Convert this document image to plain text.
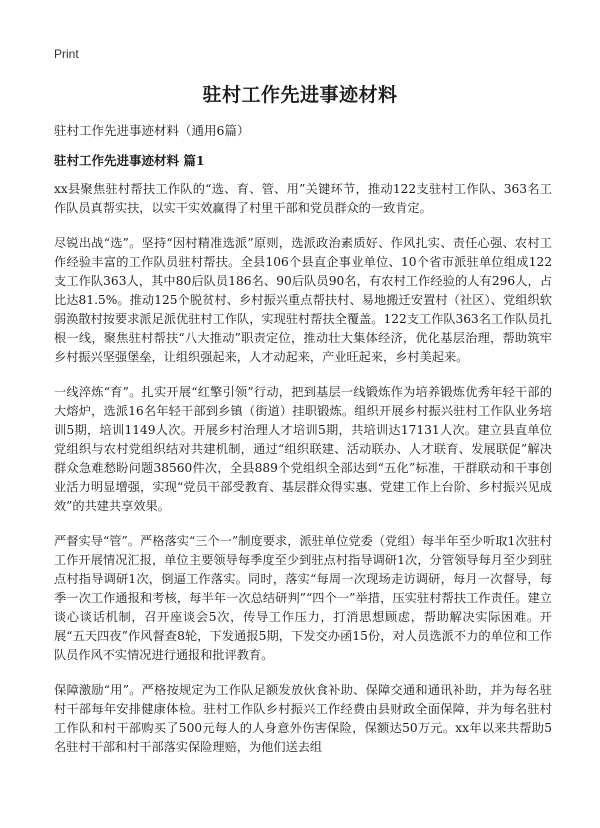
Print
驻村工作先进事迹材料

驻村工作先进事迹材料（通用6篇）

驻村工作先进事迹材料 篇1

xx县聚焦驻村帮扶工作队的“选、育、管、用”关键环节，推动122支驻村工作队、363名工作队员真帮实扶，以实干实效赢得了村里干部和党员群众的一致肯定。

尽锐出战“选”。坚持“因村精准选派”原则，选派政治素质好、作风扎实、责任心强、农村工作经验丰富的工作队员驻村帮扶。全县106个县直企事业单位、10个省市派驻单位组成122支工作队363人，其中80后队员186名、90后队员90名，有农村工作经验的人有296人，占比达81.5%。推动125个脱贫村、乡村振兴重点帮扶村、易地搬迁安置村（社区）、党组织软弱涣散村按要求派足派优驻村工作队，实现驻村帮扶全覆盖。122支工作队363名工作队员扎根一线，聚焦驻村帮扶“八大推动”职责定位，推动壮大集体经济，优化基层治理，帮助筑牢乡村振兴坚强堡垒，让组织强起来，人才动起来，产业旺起来，乡村美起来。

一线淬炼“育”。扎实开展“红擎引领”行动，把到基层一线锻炼作为培养锻炼优秀年轻干部的大熔炉，选派16名年轻干部到乡镇（街道）挂职锻炼。组织开展乡村振兴驻村工作队业务培训5期，培训1149人次。开展乡村治理人才培训5期，共培训达17131人次。建立县直单位党组织与农村党组织结对共建机制，通过“组织联建、活动联办、人才联育、发展联促”解决群众急难愁盼问题38560件次，全县889个党组织全部达到“五化”标准，干群联动和干事创业活力明显增强，实现“党员干部受教育、基层群众得实惠、党建工作上台阶、乡村振兴见成效”的共建共享效果。

严督实导“管”。严格落实“三个一”制度要求，派驻单位党委（党组）每半年至少听取1次驻村工作开展情况汇报，单位主要领导每季度至少到驻点村指导调研1次，分管领导每月至少到驻点村指导调研1次，倒逼工作落实。同时，落实“每周一次现场走访调研，每月一次督导，每季一次工作通报和考核，每半年一次总结研判”“四个一”举措，压实驻村帮扶工作责任。建立谈心谈话机制，召开座谈会5次，传导工作压力，打消思想顾虑，帮助解决实际困难。开展“五天四夜”作风督查8轮，下发通报5期，下发交办函15份，对人员选派不力的单位和工作队员作风不实情况进行通报和批评教育。

保障激励“用”。严格按规定为工作队足额发放伙食补助、保障交通和通讯补助，并为每名驻村干部每年安排健康体检。驻村工作队乡村振兴工作经费由县财政全面保障，并为每名驻村工作队和村干部购买了500元每人的人身意外伤害保险，保额达50万元。xx年以来共帮助5名驻村干部和村干部落实保险理赔，为他们送去组
